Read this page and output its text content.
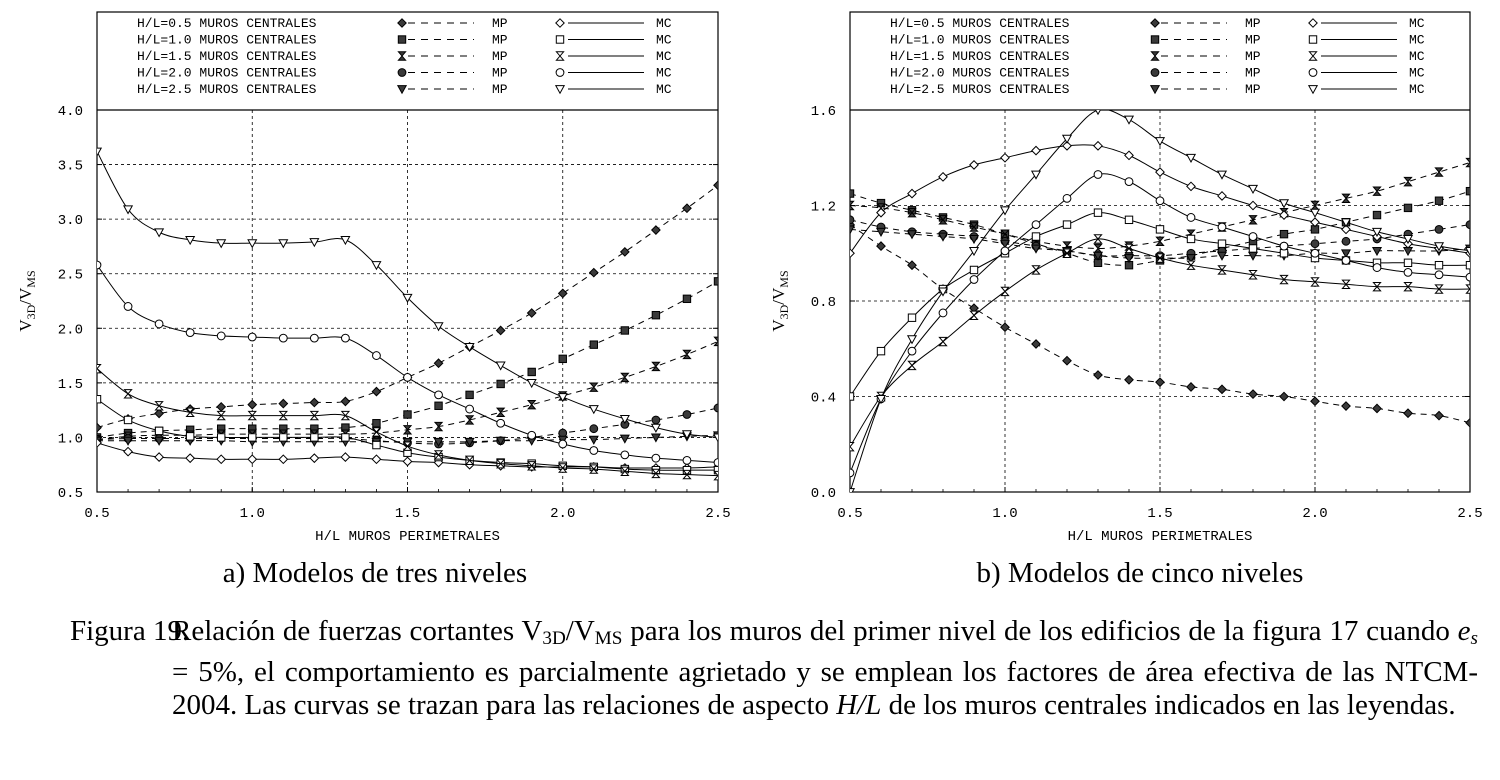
0.5	1.0	1.5	2.0	2.5
0.5
1.0
1.5
2.0
2.5
3.0
3.5
4.0
H/L MUROS PERIMETRALES
$V_{3D}/V_{MS}$
H/L=0.5 MUROS CENTRALES	MP	MC
H/L=1.0 MUROS CENTRALES	MP	MC
H/L=1.5 MUROS CENTRALES	MP	MC
H/L=2.0 MUROS CENTRALES	MP	MC
H/L=2.5 MUROS CENTRALES	MP	MC
a) Modelos de tres niveles
0.5	1.0	1.5	2.0	2.5
0.0
0.4
0.8
1.2
1.6
H/L MUROS PERIMETRALES
$V_{3D}/V_{MS}$
H/L=0.5 MUROS CENTRALES	MP	MC
H/L=1.0 MUROS CENTRALES	MP	MC
H/L=1.5 MUROS CENTRALES	MP	MC
H/L=2.0 MUROS CENTRALES	MP	MC
H/L=2.5 MUROS CENTRALES	MP	MC
b) Modelos de cinco niveles
Figura 19.
Relación de fuerzas cortantes $V_{3D}/V_{MS}$ para los muros del primer nivel de los edificios de la figura 17 cuando $e_s = 5\%$, el comportamiento es parcialmente agrietado y se emplean los factores de área efectiva de las NTCM-2004. Las curvas se trazan para las relaciones de aspecto H/L de los muros centrales indicados en las leyendas.
